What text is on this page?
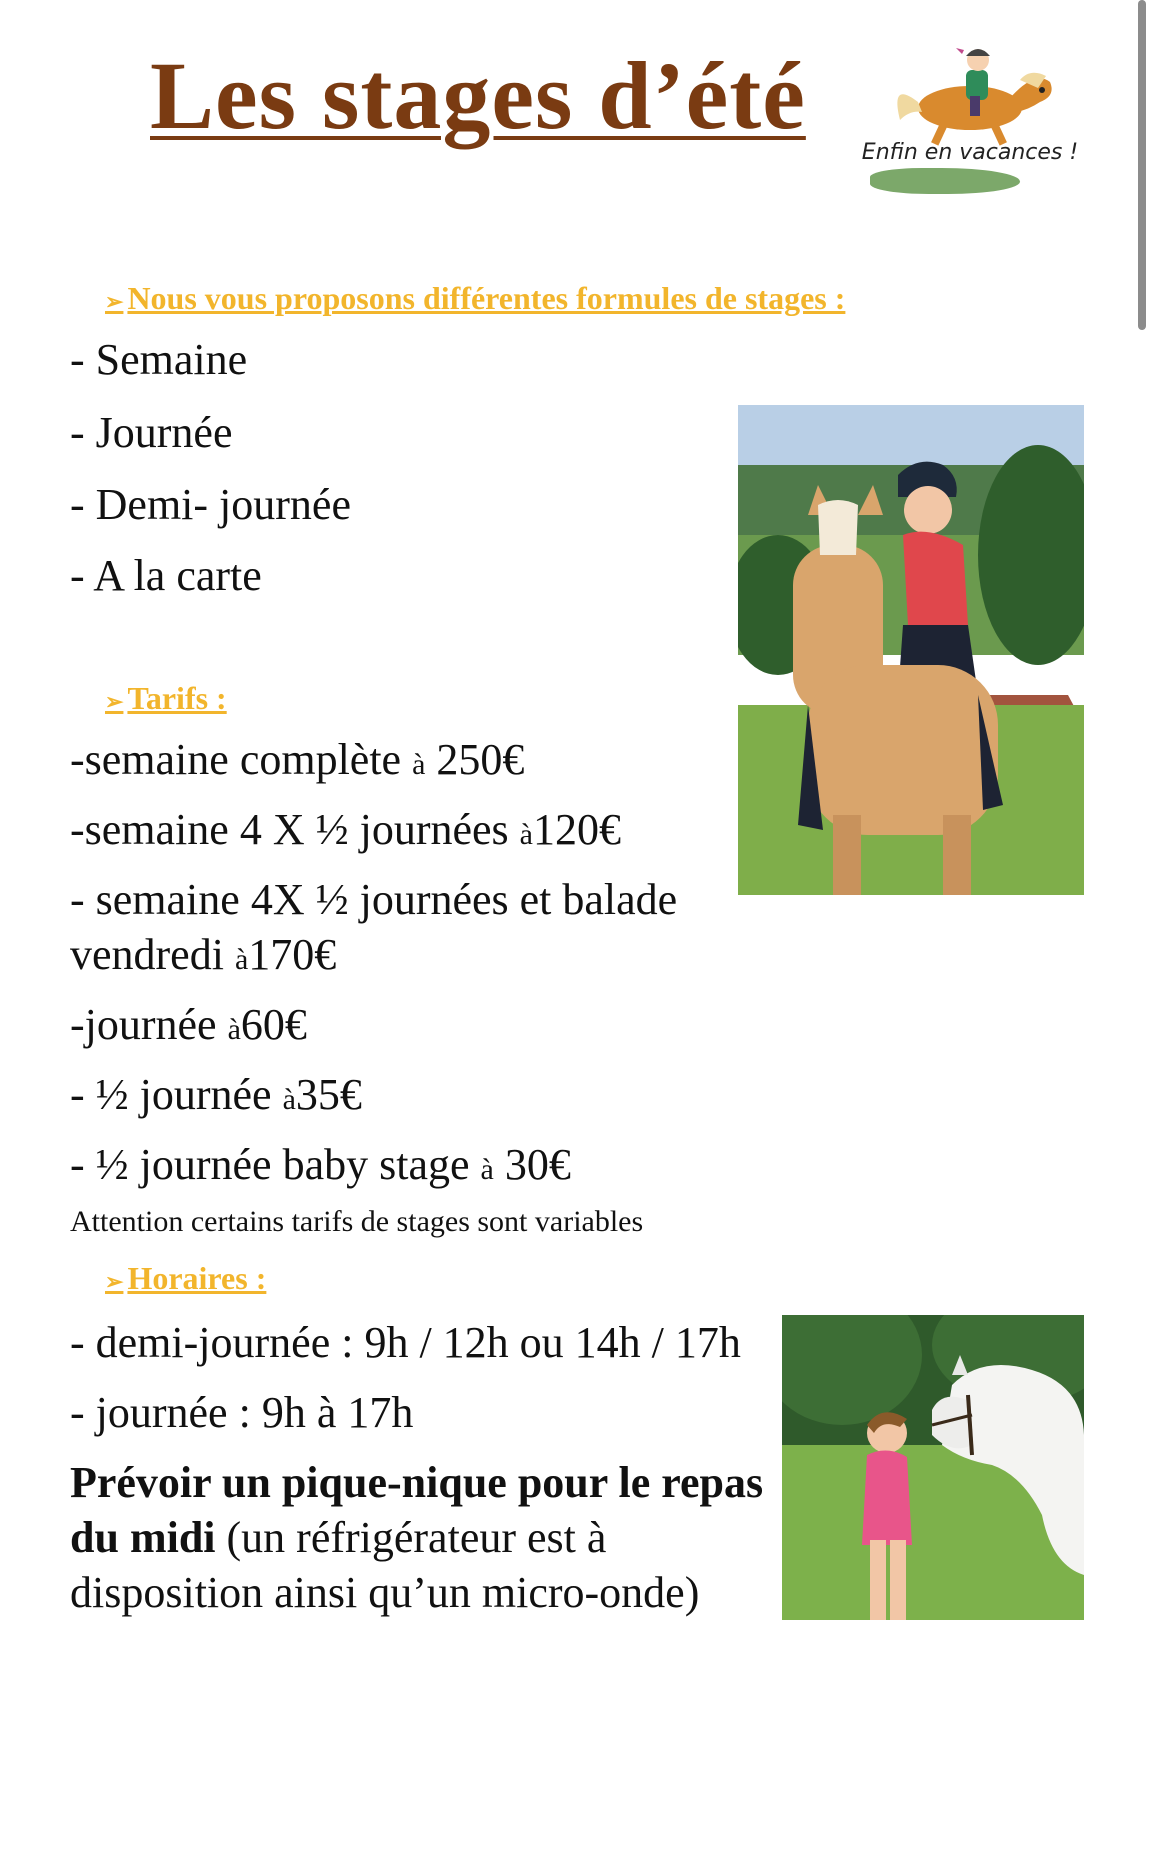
Les stages d’été
Enfin en vacances !
➢ Nous vous proposons différentes formules de stages :
- Semaine
- Journée
- Demi- journée
- A la carte
➢ Tarifs :
-semaine complète à 250€
-semaine 4 X ½ journées à120€
- semaine 4X ½ journées et balade
vendredi à170€
-journée à60€
- ½ journée à35€
- ½ journée baby stage à 30€
Attention certains tarifs de stages sont variables
➢ Horaires :
- demi-journée : 9h / 12h ou 14h / 17h
- journée : 9h à 17h
Prévoir un pique-nique pour le repas du midi (un réfrigérateur est à disposition ainsi qu’un micro-onde)
